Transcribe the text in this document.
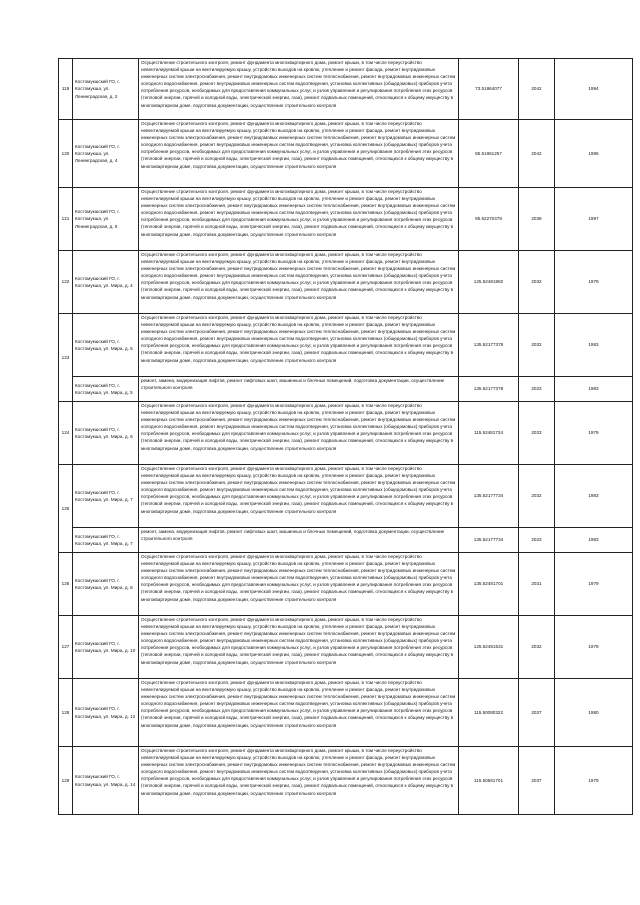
119	Костомукшский ГО, г. Костомукша, ул. Ленинградская, д. 2	Осуществление строительного контроля, ремонт фундамента многоквартирного дома, ремонт крыши, в том числе переустройство невентилируемой крыши на вентилируемую крышу, устройство выходов на кровлю, утепление и ремонт фасада, ремонт внутридомовых инженерных систем электроснабжения, ремонт внутридомовых инженерных систем теплоснабжения, ремонт внутридомовых инженерных систем холодного водоснабжения, ремонт внутридомовых инженерных систем водоотведения, установка коллективных (общедомовых) приборов учета потребления ресурсов, необходимых для предоставления коммунальных услуг, и узлов управления и регулирования потребления этих ресурсов (тепловой энергии, горячей и холодной воды, электрической энергии, газа), ремонт подвальных помещений, относящихся к общему имуществу в многоквартирном доме, подготовка документации, осуществление строительного контроля	73.51864077	2042	1994
120	Костомукшский ГО, г. Костомукша, ул. Ленинградская, д. 4	Осуществление строительного контроля, ремонт фундамента многоквартирного дома, ремонт крыши, в том числе переустройство невентилируемой крыши на вентилируемую крышу, устройство выходов на кровлю, утепление и ремонт фасада, ремонт внутридомовых инженерных систем электроснабжения, ремонт внутридомовых инженерных систем теплоснабжения, ремонт внутридомовых инженерных систем холодного водоснабжения, ремонт внутридомовых инженерных систем водоотведения, установка коллективных (общедомовых) приборов учета потребления ресурсов, необходимых для предоставления коммунальных услуг, и узлов управления и регулирования потребления этих ресурсов (тепловой энергии, горячей и холодной воды, электрической энергии, газа), ремонт подвальных помещений, относящихся к общему имуществу в многоквартирном доме, подготовка документации, осуществление строительного контроля	85.51861257	2042	1995
121	Костомукшский ГО, г. Костомукша, ул. Ленинградская, д. 6	Осуществление строительного контроля, ремонт фундамента многоквартирного дома, ремонт крыши, в том числе переустройство невентилируемой крыши на вентилируемую крышу, устройство выходов на кровлю, утепление и ремонт фасада, ремонт внутридомовых инженерных систем электроснабжения, ремонт внутридомовых инженерных систем теплоснабжения, ремонт внутридомовых инженерных систем холодного водоснабжения, ремонт внутридомовых инженерных систем водоотведения, установка коллективных (общедомовых) приборов учета потребления ресурсов, необходимых для предоставления коммунальных услуг, и узлов управления и регулирования потребления этих ресурсов (тепловой энергии, горячей и холодной воды, электрической энергии, газа), ремонт подвальных помещений, относящихся к общему имуществу в многоквартирном доме, подготовка документации, осуществление строительного контроля	95.52270478	2038	1997
122	Костомукшский ГО, г. Костомукша, ул. Мира, д. 4	Осуществление строительного контроля, ремонт фундамента многоквартирного дома, ремонт крыши, в том числе переустройство невентилируемой крыши на вентилируемую крышу, устройство выходов на кровлю, утепление и ремонт фасада, ремонт внутридомовых инженерных систем электроснабжения, ремонт внутридомовых инженерных систем теплоснабжения, ремонт внутридомовых инженерных систем холодного водоснабжения, ремонт внутридомовых инженерных систем водоотведения, установка коллективных (общедомовых) приборов учета потребления ресурсов, необходимых для предоставления коммунальных услуг, и узлов управления и регулирования потребления этих ресурсов (тепловой энергии, горячей и холодной воды, электрической энергии, газа), ремонт подвальных помещений, относящихся к общему имуществу в многоквартирном доме, подготовка документации, осуществление строительного контроля	125.52481882	2032	1979
123	Костомукшский ГО, г. Костомукша, ул. Мира, д. 5	Осуществление строительного контроля, ремонт фундамента многоквартирного дома, ремонт крыши, в том числе переустройство невентилируемой крыши на вентилируемую крышу, устройство выходов на кровлю, утепление и ремонт фасада, ремонт внутридомовых инженерных систем электроснабжения, ремонт внутридомовых инженерных систем теплоснабжения, ремонт внутридомовых инженерных систем холодного водоснабжения, ремонт внутридомовых инженерных систем водоотведения, установка коллективных (общедомовых) приборов учета потребления ресурсов, необходимых для предоставления коммунальных услуг, и узлов управления и регулирования потребления этих ресурсов (тепловой энергии, горячей и холодной воды, электрической энергии, газа), ремонт подвальных помещений, относящихся к общему имуществу в многоквартирном доме, подготовка документации, осуществление строительного контроля	135.52177378	2032	1983
	Костомукшский ГО, г. Костомукша, ул. Мира, д. 5	ремонт, замена, модернизация лифтов, ремонт лифтовых шахт, машинных и блочных помещений, подготовка документации, осуществление строительного контроля	135.52177378	2023	1983
124	Костомукшский ГО, г. Костомукша, ул. Мира, д. 6	Осуществление строительного контроля, ремонт фундамента многоквартирного дома, ремонт крыши, в том числе переустройство невентилируемой крыши на вентилируемую крышу, устройство выходов на кровлю, утепление и ремонт фасада, ремонт внутридомовых инженерных систем электроснабжения, ремонт внутридомовых инженерных систем теплоснабжения, ремонт внутридомовых инженерных систем холодного водоснабжения, ремонт внутридомовых инженерных систем водоотведения, установка коллективных (общедомовых) приборов учета потребления ресурсов, необходимых для предоставления коммунальных услуг, и узлов управления и регулирования потребления этих ресурсов (тепловой энергии, горячей и холодной воды, электрической энергии, газа), ремонт подвальных помещений, относящихся к общему имуществу в многоквартирном доме, подготовка документации, осуществление строительного контроля	115.52481734	2033	1979
125	Костомукшский ГО, г. Костомукша, ул. Мира, д. 7	Осуществление строительного контроля, ремонт фундамента многоквартирного дома, ремонт крыши, в том числе переустройство невентилируемой крыши на вентилируемую крышу, устройство выходов на кровлю, утепление и ремонт фасада, ремонт внутридомовых инженерных систем электроснабжения, ремонт внутридомовых инженерных систем теплоснабжения, ремонт внутридомовых инженерных систем холодного водоснабжения, ремонт внутридомовых инженерных систем водоотведения, установка коллективных (общедомовых) приборов учета потребления ресурсов, необходимых для предоставления коммунальных услуг, и узлов управления и регулирования потребления этих ресурсов (тепловой энергии, горячей и холодной воды, электрической энергии, газа), ремонт подвальных помещений, относящихся к общему имуществу в многоквартирном доме, подготовка документации, осуществление строительного контроля	135.52177734	2032	1983
	Костомукшский ГО, г. Костомукша, ул. Мира, д. 7	ремонт, замена, модернизация лифтов, ремонт лифтовых шахт, машинных и блочных помещений, подготовка документации, осуществление строительного контроля	135.52177734	2023	1983
126	Костомукшский ГО, г. Костомукша, ул. Мира, д. 8	Осуществление строительного контроля, ремонт фундамента многоквартирного дома, ремонт крыши, в том числе переустройство невентилируемой крыши на вентилируемую крышу, устройство выходов на кровлю, утепление и ремонт фасада, ремонт внутридомовых инженерных систем электроснабжения, ремонт внутридомовых инженерных систем теплоснабжения, ремонт внутридомовых инженерных систем холодного водоснабжения, ремонт внутридомовых инженерных систем водоотведения, установка коллективных (общедомовых) приборов учета потребления ресурсов, необходимых для предоставления коммунальных услуг, и узлов управления и регулирования потребления этих ресурсов (тепловой энергии, горячей и холодной воды, электрической энергии, газа), ремонт подвальных помещений, относящихся к общему имуществу в многоквартирном доме, подготовка документации, осуществление строительного контроля	135.52481701	2031	1979
127	Костомукшский ГО, г. Костомукша, ул. Мира, д. 10	Осуществление строительного контроля, ремонт фундамента многоквартирного дома, ремонт крыши, в том числе переустройство невентилируемой крыши на вентилируемую крышу, устройство выходов на кровлю, утепление и ремонт фасада, ремонт внутридомовых инженерных систем электроснабжения, ремонт внутридомовых инженерных систем теплоснабжения, ремонт внутридомовых инженерных систем холодного водоснабжения, ремонт внутридомовых инженерных систем водоотведения, установка коллективных (общедомовых) приборов учета потребления ресурсов, необходимых для предоставления коммунальных услуг, и узлов управления и регулирования потребления этих ресурсов (тепловой энергии, горячей и холодной воды, электрической энергии, газа), ремонт подвальных помещений, относящихся к общему имуществу в многоквартирном доме, подготовка документации, осуществление строительного контроля	125.52481531	2032	1979
128	Костомукшский ГО, г. Костомукша, ул. Мира, д. 12	Осуществление строительного контроля, ремонт фундамента многоквартирного дома, ремонт крыши, в том числе переустройство невентилируемой крыши на вентилируемую крышу, устройство выходов на кровлю, утепление и ремонт фасада, ремонт внутридомовых инженерных систем электроснабжения, ремонт внутридомовых инженерных систем теплоснабжения, ремонт внутридомовых инженерных систем холодного водоснабжения, ремонт внутридомовых инженерных систем водоотведения, установка коллективных (общедомовых) приборов учета потребления ресурсов, необходимых для предоставления коммунальных услуг, и узлов управления и регулирования потребления этих ресурсов (тепловой энергии, горячей и холодной воды, электрической энергии, газа), ремонт подвальных помещений, относящихся к общему имуществу в многоквартирном доме, подготовка документации, осуществление строительного контроля	115.50080322	2037	1980
129	Костомукшский ГО, г. Костомукша, ул. Мира, д. 14	Осуществление строительного контроля, ремонт фундамента многоквартирного дома, ремонт крыши, в том числе переустройство невентилируемой крыши на вентилируемую крышу, устройство выходов на кровлю, утепление и ремонт фасада, ремонт внутридомовых инженерных систем электроснабжения, ремонт внутридомовых инженерных систем теплоснабжения, ремонт внутридомовых инженерных систем холодного водоснабжения, ремонт внутридомовых инженерных систем водоотведения, установка коллективных (общедомовых) приборов учета потребления ресурсов, необходимых для предоставления коммунальных услуг, и узлов управления и регулирования потребления этих ресурсов (тепловой энергии, горячей и холодной воды, электрической энергии, газа), ремонт подвальных помещений, относящихся к общему имуществу в многоквартирном доме, подготовка документации, осуществление строительного контроля	115.50581701	2037	1979
